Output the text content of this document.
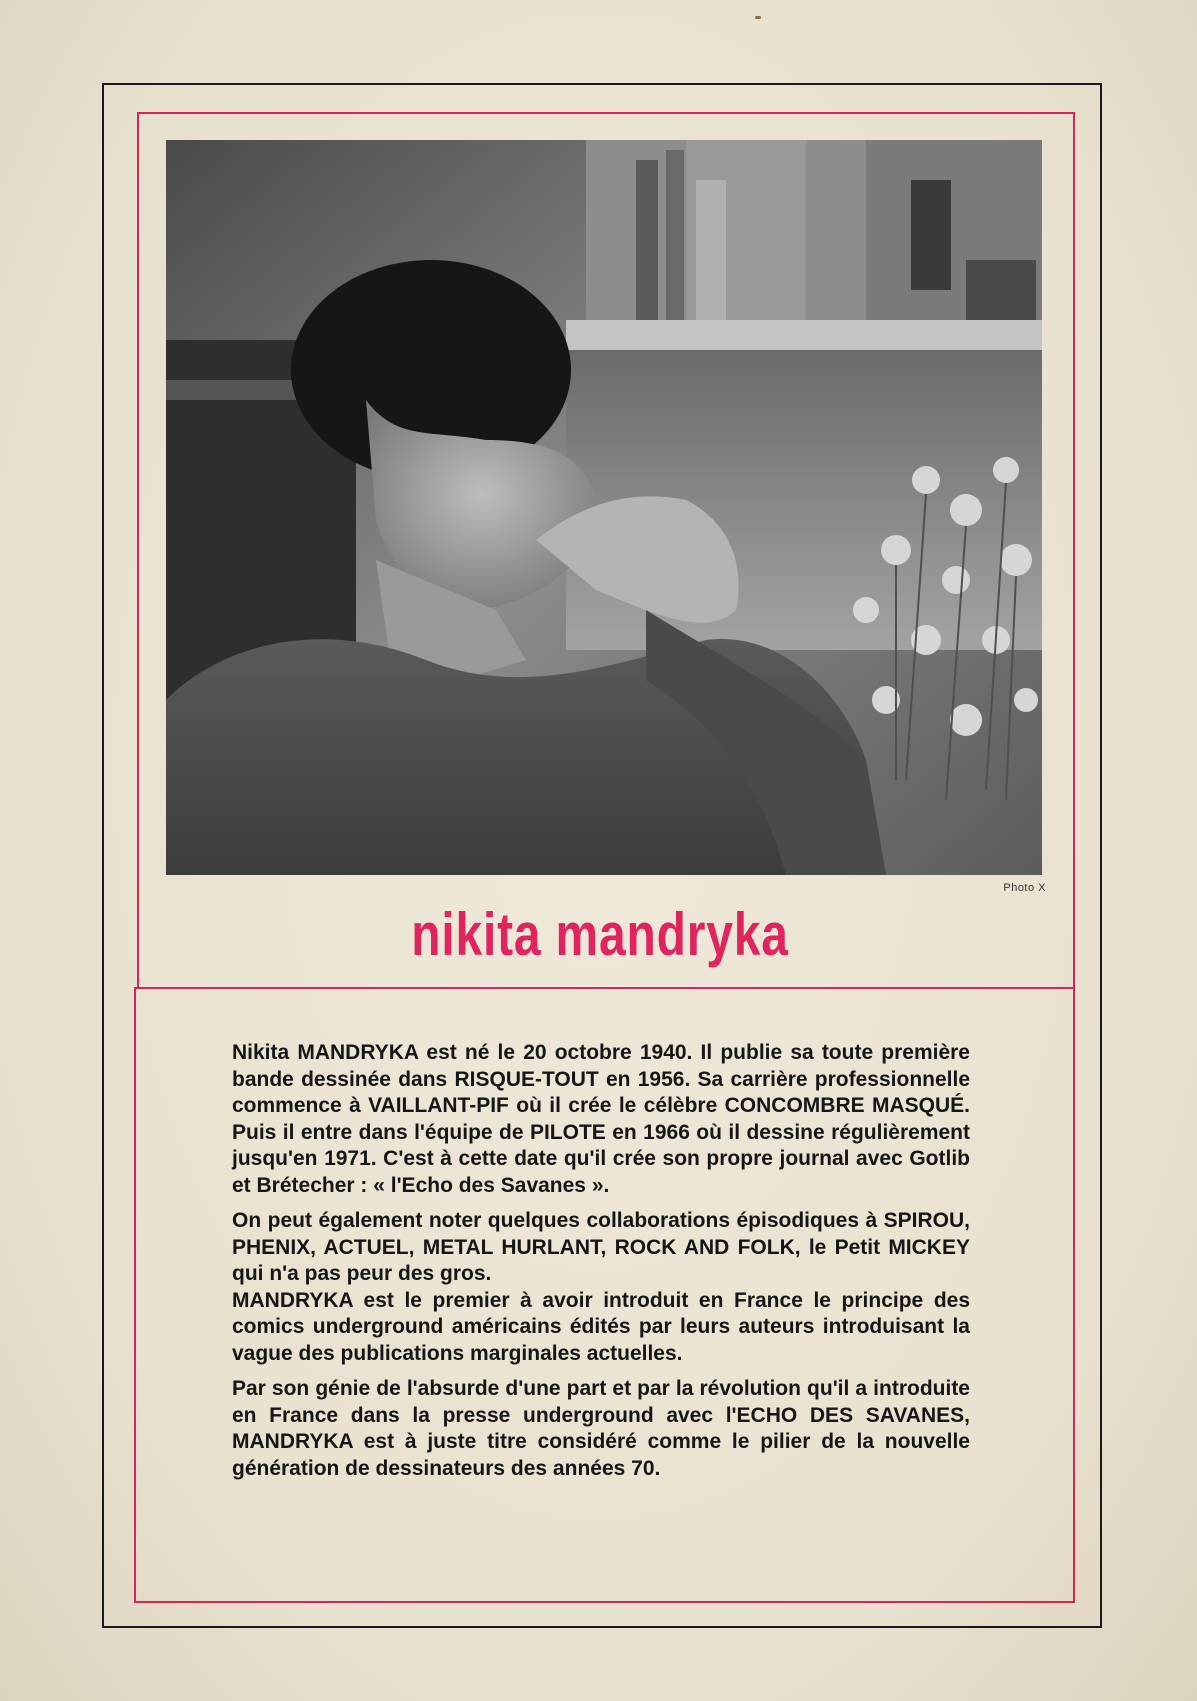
Photo X
nikita mandryka

Nikita MANDRYKA est né le 20 octobre 1940. Il publie sa toute première bande dessinée dans RISQUE-TOUT en 1956. Sa carrière professionnelle commence à VAILLANT-PIF où il crée le célèbre CONCOMBRE MASQUÉ. Puis il entre dans l'équipe de PILOTE en 1966 où il dessine régulièrement jusqu'en 1971. C'est à cette date qu'il crée son propre journal avec Gotlib et Brétecher : « l'Echo des Savanes ».

On peut également noter quelques collaborations épisodiques à SPIROU, PHENIX, ACTUEL, METAL HURLANT, ROCK AND FOLK, le Petit MICKEY qui n'a pas peur des gros.

MANDRYKA est le premier à avoir introduit en France le principe des comics underground américains édités par leurs auteurs introduisant la vague des publications marginales actuelles.

Par son génie de l'absurde d'une part et par la révolution qu'il a introduite en France dans la presse underground avec l'ECHO DES SAVANES, MANDRYKA est à juste titre considéré comme le pilier de la nouvelle génération de dessinateurs des années 70.
